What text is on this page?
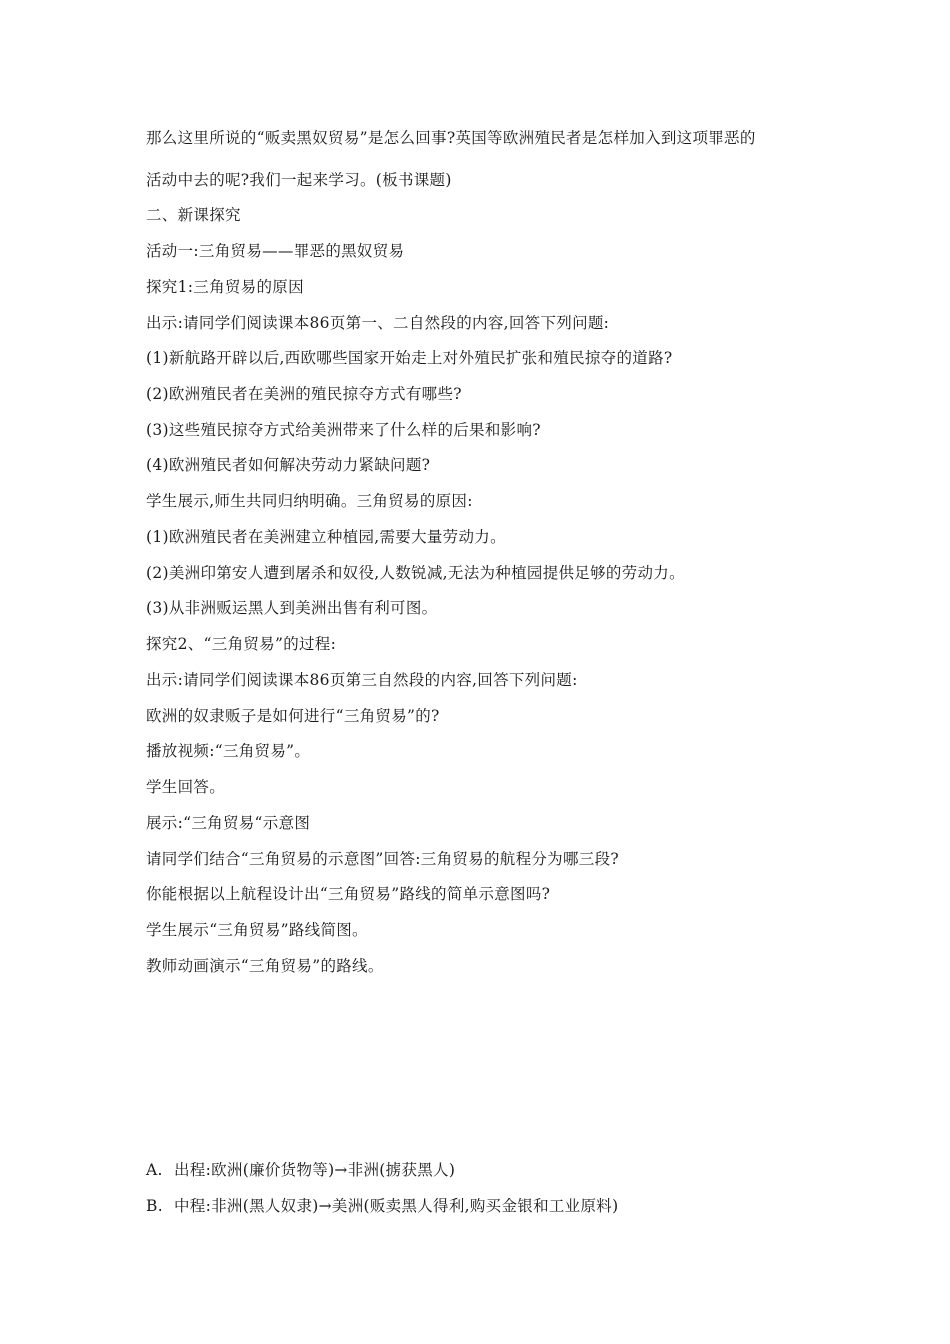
那么这里所说的“贩卖黑奴贸易”是怎么回事?英国等欧洲殖民者是怎样加入到这项罪恶的
活动中去的呢?我们一起来学习。(板书课题)
二、新课探究
活动一:三角贸易——罪恶的黑奴贸易
探究1:三角贸易的原因
出示:请同学们阅读课本86页第一、二自然段的内容,回答下列问题:
(1)新航路开辟以后,西欧哪些国家开始走上对外殖民扩张和殖民掠夺的道路?
(2)欧洲殖民者在美洲的殖民掠夺方式有哪些?
(3)这些殖民掠夺方式给美洲带来了什么样的后果和影响?
(4)欧洲殖民者如何解决劳动力紧缺问题?
学生展示,师生共同归纳明确。三角贸易的原因:
(1)欧洲殖民者在美洲建立种植园,需要大量劳动力。
(2)美洲印第安人遭到屠杀和奴役,人数锐减,无法为种植园提供足够的劳动力。
(3)从非洲贩运黑人到美洲出售有利可图。
探究2、“三角贸易”的过程:
出示:请同学们阅读课本86页第三自然段的内容,回答下列问题:
欧洲的奴隶贩子是如何进行“三角贸易”的?
播放视频:“三角贸易”。
学生回答。
展示:“三角贸易“示意图
请同学们结合“三角贸易的示意图”回答:三角贸易的航程分为哪三段?
你能根据以上航程设计出“三角贸易”路线的简单示意图吗?
学生展示“三角贸易”路线简图。
教师动画演示“三角贸易”的路线。
A. 出程:欧洲(廉价货物等)→非洲(掳获黑人)
B. 中程:非洲(黑人奴隶)→美洲(贩卖黑人得利,购买金银和工业原料)
